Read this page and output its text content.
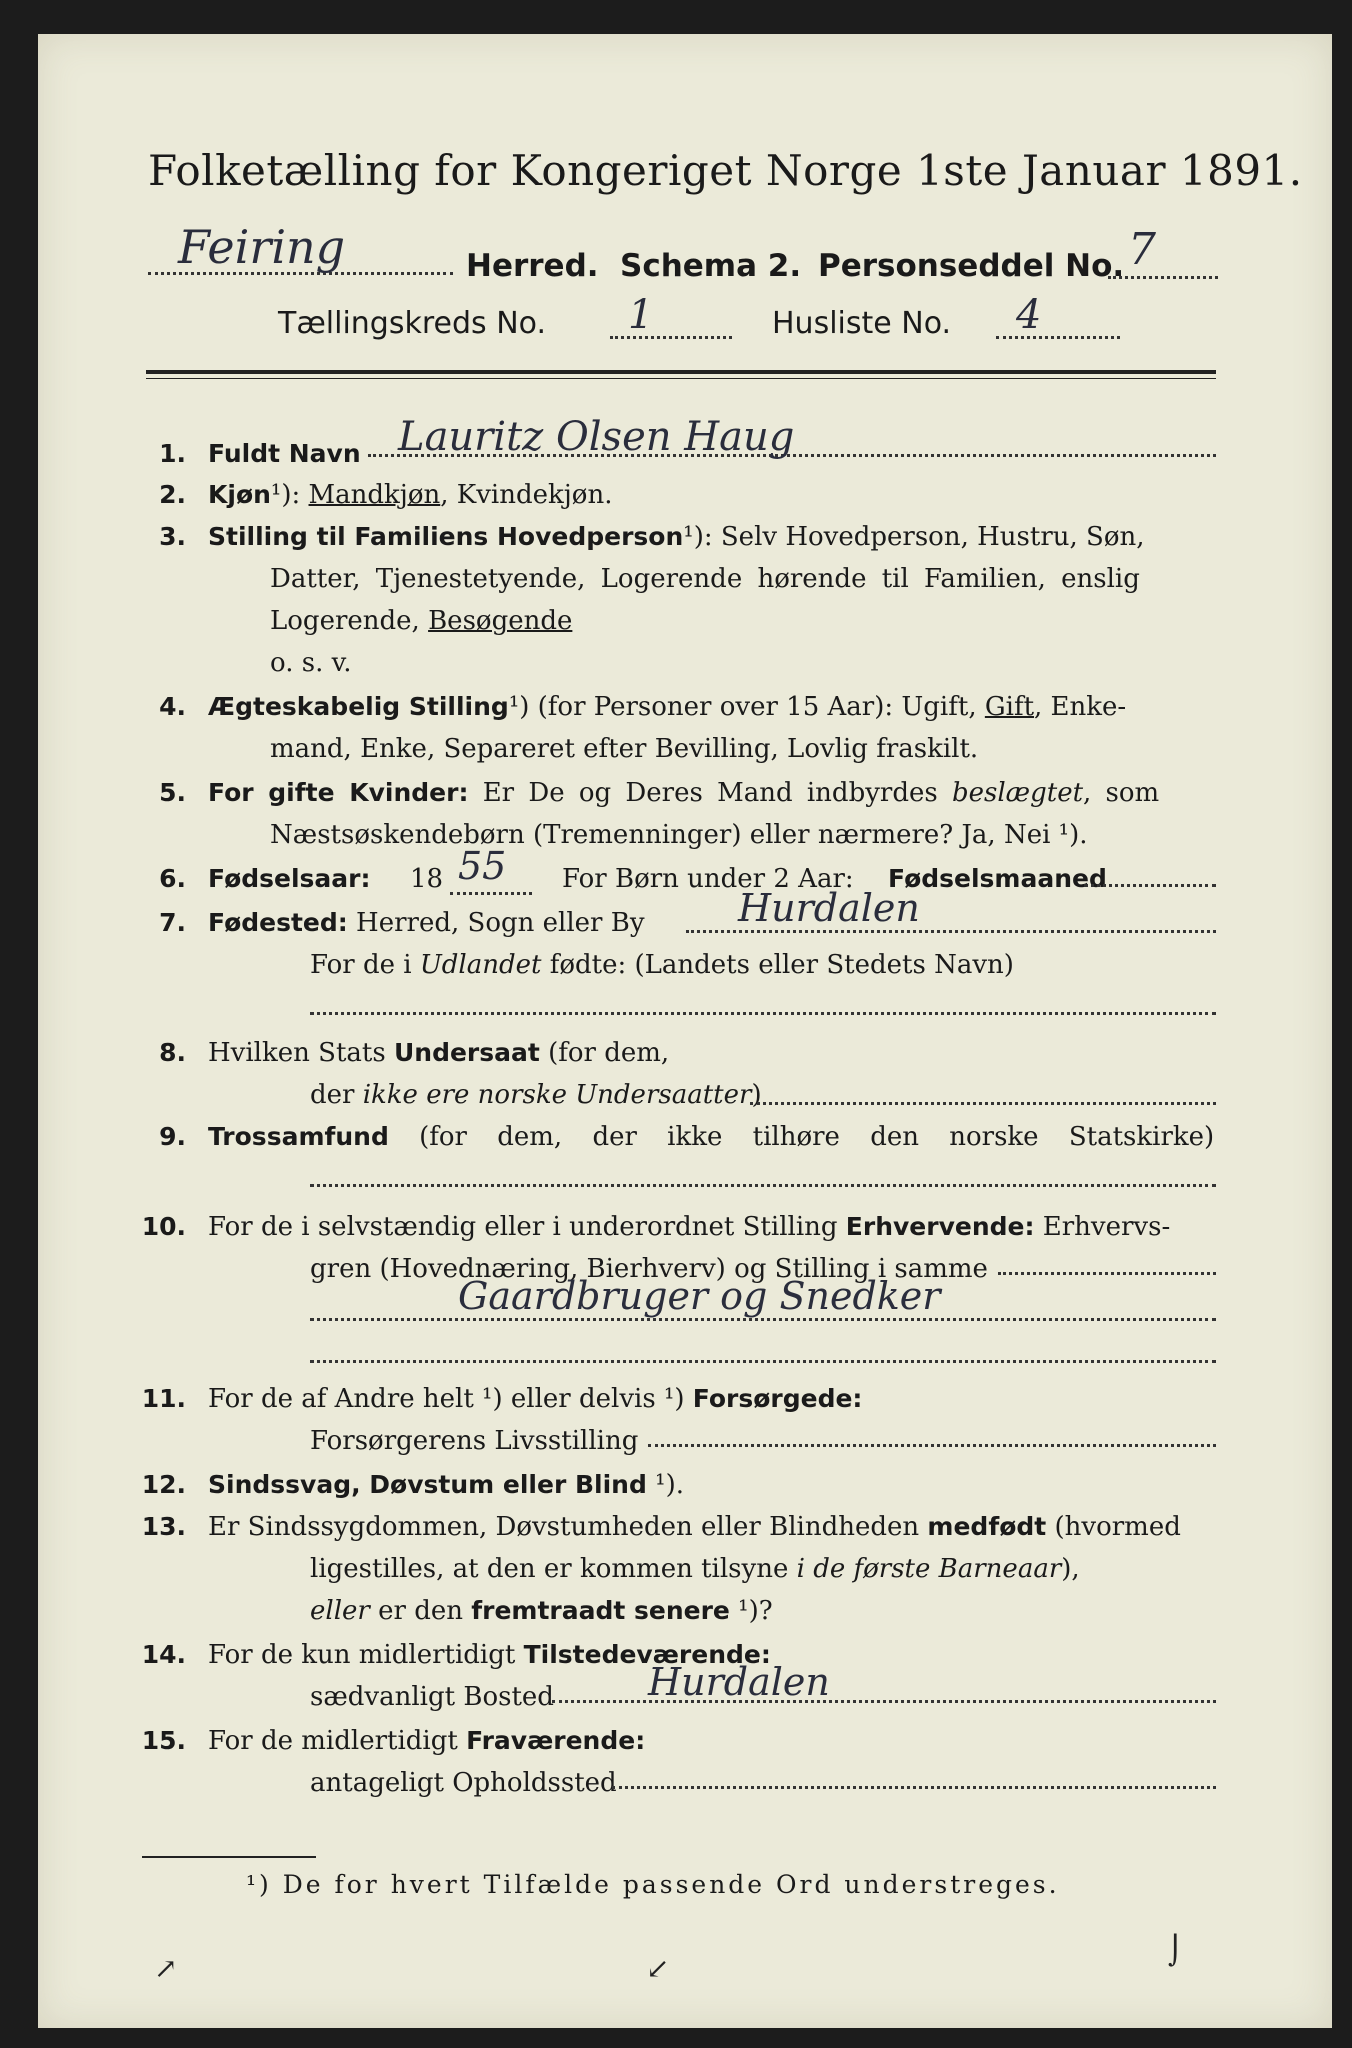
Folketælling for Kongeriget Norge 1ste Januar 1891.
Feiring	Herred. Schema 2. Personseddel No. 7
Tællingskreds No. 1	Husliste No. 4
1. Fuldt Navn Lauritz Olsen Haug
2. Kjøn¹): Mandkjøn, Kvindekjøn.
3. Stilling til Familiens Hovedperson¹): Selv Hovedperson, Hustru, Søn,
Datter, Tjenestetyende, Logerende hørende til Familien, enslig
Logerende, Besøgende
o. s. v.
4. Ægteskabelig Stilling¹) (for Personer over 15 Aar): Ugift, Gift, Enke-
mand, Enke, Separeret efter Bevilling, Lovlig fraskilt.
5. For gifte Kvinder: Er De og Deres Mand indbyrdes beslægtet, som
Næstsøskendebørn (Tremenninger) eller nærmere? Ja, Nei ¹).
6. Fødselsaar: 18 55 For Børn under 2 Aar: Fødselsmaaned
7. Fødested: Herred, Sogn eller By Hurdalen
For de i Udlandet fødte: (Landets eller Stedets Navn)
8. Hvilken Stats Undersaat (for dem,
der ikke ere norske Undersaatter)
9. Trossamfund (for dem, der ikke tilhøre den norske Statskirke)
10. For de i selvstændig eller i underordnet Stilling Erhvervende: Erhvervs-
gren (Hovednæring, Bierhverv) og Stilling i samme
Gaardbruger og Snedker
11. For de af Andre helt ¹) eller delvis ¹) Forsørgede:
Forsørgerens Livsstilling
12. Sindssvag, Døvstum eller Blind ¹).
13. Er Sindssygdommen, Døvstumheden eller Blindheden medfødt (hvormed
ligestilles, at den er kommen tilsyne i de første Barneaar),
eller er den fremtraadt senere ¹)?
14. For de kun midlertidigt Tilstedeværende:
sædvanligt Bosted Hurdalen
15. For de midlertidigt Fraværende:
antageligt Opholdssted
¹) De for hvert Tilfælde passende Ord understreges.
↗	↙
⌡
